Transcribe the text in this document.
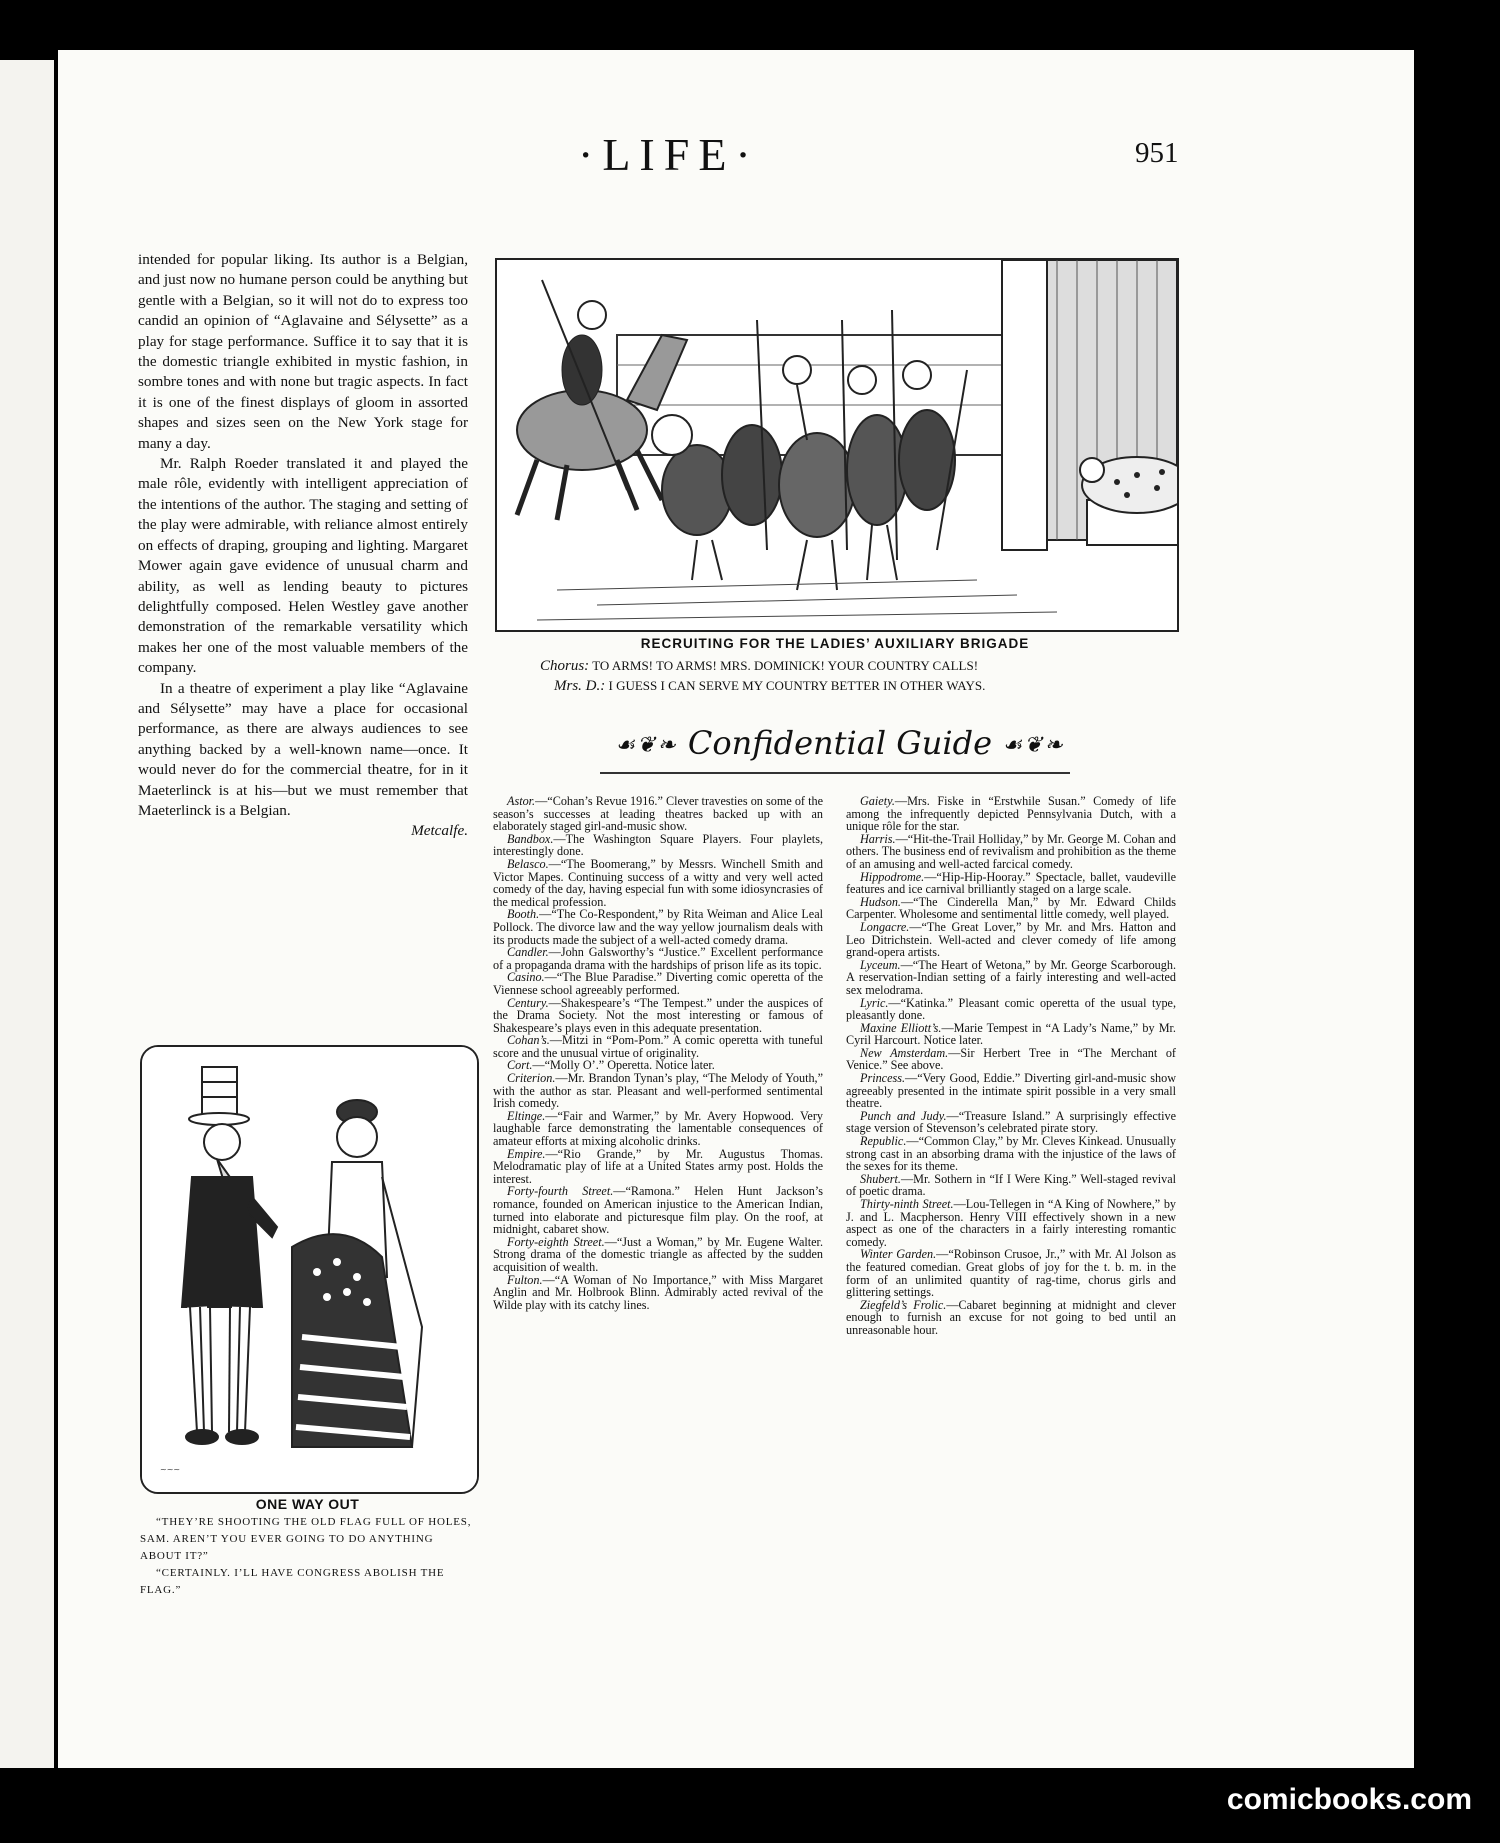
·LIFE·	951

intended for popular liking. Its author is a Belgian, and just now no humane person could be anything but gentle with a Belgian, so it will not do to express too candid an opinion of “Aglavaine and Sélysette” as a play for stage performance. Suffice it to say that it is the domestic triangle exhibited in mystic fashion, in sombre tones and with none but tragic aspects. In fact it is one of the finest displays of gloom in assorted shapes and sizes seen on the New York stage for many a day.

Mr. Ralph Roeder translated it and played the male rôle, evidently with intelligent appreciation of the intentions of the author. The staging and setting of the play were admirable, with reliance almost entirely on effects of draping, grouping and lighting. Margaret Mower again gave evidence of unusual charm and ability, as well as lending beauty to pictures delightfully composed. Helen Westley gave another demonstration of the remarkable versatility which makes her one of the most valuable members of the company.

In a theatre of experiment a play like “Aglavaine and Sélysette” may have a place for occasional performance, as there are always audiences to see anything backed by a well-known name—once. It would never do for the commercial theatre, for in it Maeterlinck is at his—but we must remember that Maeterlinck is a Belgian.

Metcalfe.

RECRUITING FOR THE LADIES’ AUXILIARY BRIGADE
Chorus: TO ARMS! TO ARMS! MRS. DOMINICK! YOUR COUNTRY CALLS!
Mrs. D.: I GUESS I CAN SERVE MY COUNTRY BETTER IN OTHER WAYS.
☙❦❧ Confidential Guide ☙❦❧

Astor.—“Cohan’s Revue 1916.” Clever travesties on some of the season’s successes at leading theatres backed up with an elaborately staged girl-and-music show.

Bandbox.—The Washington Square Players. Four playlets, interestingly done.

Belasco.—“The Boomerang,” by Messrs. Winchell Smith and Victor Mapes. Continuing success of a witty and very well acted comedy of the day, having especial fun with some idiosyncrasies of the medical profession.

Booth.—“The Co-Respondent,” by Rita Weiman and Alice Leal Pollock. The divorce law and the way yellow journalism deals with its products made the subject of a well-acted comedy drama.

Candler.—John Galsworthy’s “Justice.” Excellent performance of a propaganda drama with the hardships of prison life as its topic.

Casino.—“The Blue Paradise.” Diverting comic operetta of the Viennese school agreeably performed.

Century.—Shakespeare’s “The Tempest.” under the auspices of the Drama Society. Not the most interesting or famous of Shakespeare’s plays even in this adequate presentation.

Cohan’s.—Mitzi in “Pom-Pom.” A comic operetta with tuneful score and the unusual virtue of originality.

Cort.—“Molly O’.” Operetta. Notice later.

Criterion.—Mr. Brandon Tynan’s play, “The Melody of Youth,” with the author as star. Pleasant and well-performed sentimental Irish comedy.

Eltinge.—“Fair and Warmer,” by Mr. Avery Hopwood. Very laughable farce demonstrating the lamentable consequences of amateur efforts at mixing alcoholic drinks.

Empire.—“Rio Grande,” by Mr. Augustus Thomas. Melodramatic play of life at a United States army post. Holds the interest.

Forty-fourth Street.—“Ramona.” Helen Hunt Jackson’s romance, founded on American injustice to the American Indian, turned into elaborate and picturesque film play. On the roof, at midnight, cabaret show.

Forty-eighth Street.—“Just a Woman,” by Mr. Eugene Walter. Strong drama of the domestic triangle as affected by the sudden acquisition of wealth.

Fulton.—“A Woman of No Importance,” with Miss Margaret Anglin and Mr. Holbrook Blinn. Admirably acted revival of the Wilde play with its catchy lines.

Gaiety.—Mrs. Fiske in “Erstwhile Susan.” Comedy of life among the infrequently depicted Pennsylvania Dutch, with a unique rôle for the star.

Harris.—“Hit-the-Trail Holliday,” by Mr. George M. Cohan and others. The business end of revivalism and prohibition as the theme of an amusing and well-acted farcical comedy.

Hippodrome.—“Hip-Hip-Hooray.” Spectacle, ballet, vaudeville features and ice carnival brilliantly staged on a large scale.

Hudson.—“The Cinderella Man,” by Mr. Edward Childs Carpenter. Wholesome and sentimental little comedy, well played.

Longacre.—“The Great Lover,” by Mr. and Mrs. Hatton and Leo Ditrichstein. Well-acted and clever comedy of life among grand-opera artists.

Lyceum.—“The Heart of Wetona,” by Mr. George Scarborough. A reservation-Indian setting of a fairly interesting and well-acted sex melodrama.

Lyric.—“Katinka.” Pleasant comic operetta of the usual type, pleasantly done.

Maxine Elliott’s.—Marie Tempest in “A Lady’s Name,” by Mr. Cyril Harcourt. Notice later.

New Amsterdam.—Sir Herbert Tree in “The Merchant of Venice.” See above.

Princess.—“Very Good, Eddie.” Diverting girl-and-music show agreeably presented in the intimate spirit possible in a very small theatre.

Punch and Judy.—“Treasure Island.” A surprisingly effective stage version of Stevenson’s celebrated pirate story.

Republic.—“Common Clay,” by Mr. Cleves Kinkead. Unusually strong cast in an absorbing drama with the injustice of the laws of the sexes for its theme.

Shubert.—Mr. Sothern in “If I Were King.” Well-staged revival of poetic drama.

Thirty-ninth Street.—Lou-Tellegen in “A King of Nowhere,” by J. and L. Macpherson. Henry VIII effectively shown in a new aspect as one of the characters in a fairly interesting romantic comedy.

Winter Garden.—“Robinson Crusoe, Jr.,” with Mr. Al Jolson as the featured comedian. Great globs of joy for the t. b. m. in the form of an unlimited quantity of rag-time, chorus girls and glittering settings.

Ziegfeld’s Frolic.—Cabaret beginning at midnight and clever enough to furnish an excuse for not going to bed until an unreasonable hour.

~~~
ONE WAY OUT

“THEY’RE SHOOTING THE OLD FLAG FULL OF HOLES, SAM. AREN’T YOU EVER GOING TO DO ANYTHING ABOUT IT?”

“CERTAINLY. I’LL HAVE CONGRESS ABOLISH THE FLAG.”

comicbooks.com
